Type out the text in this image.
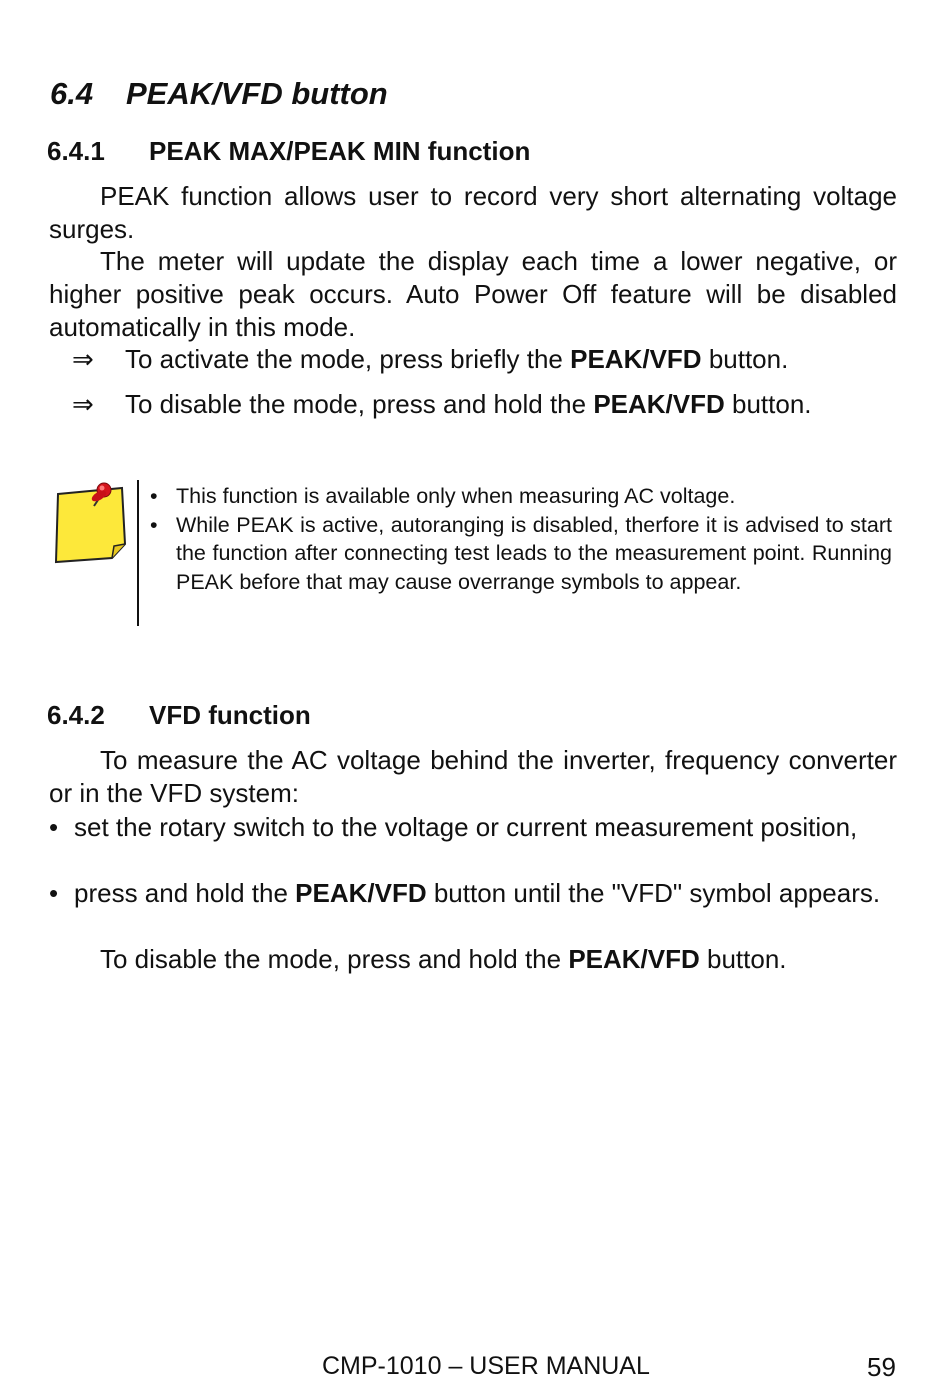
6.4 PEAK/VFD button
6.4.1 PEAK MAX/PEAK MIN function

PEAK function allows user to record very short alternating voltage surges.

The meter will update the display each time a lower negative, or higher positive peak occurs. Auto Power Off feature will be disabled automatically in this mode.

⇒	To activate the mode, press briefly the PEAK/VFD button.
⇒	To disable the mode, press and hold the PEAK/VFD button.
• This function is available only when measuring AC voltage.
• While PEAK is active, autoranging is disabled, therfore it is advised to start the function after connecting test leads to the measurement point. Running PEAK before that may cause overrange symbols to appear.
6.4.2 VFD function

To measure the AC voltage behind the inverter, frequency converter or in the VFD system:

• set the rotary switch to the voltage or current measurement position,
• press and hold the PEAK/VFD button until the "VFD" symbol appears.

To disable the mode, press and hold the PEAK/VFD button.

CMP-1010 – USER MANUAL	59
